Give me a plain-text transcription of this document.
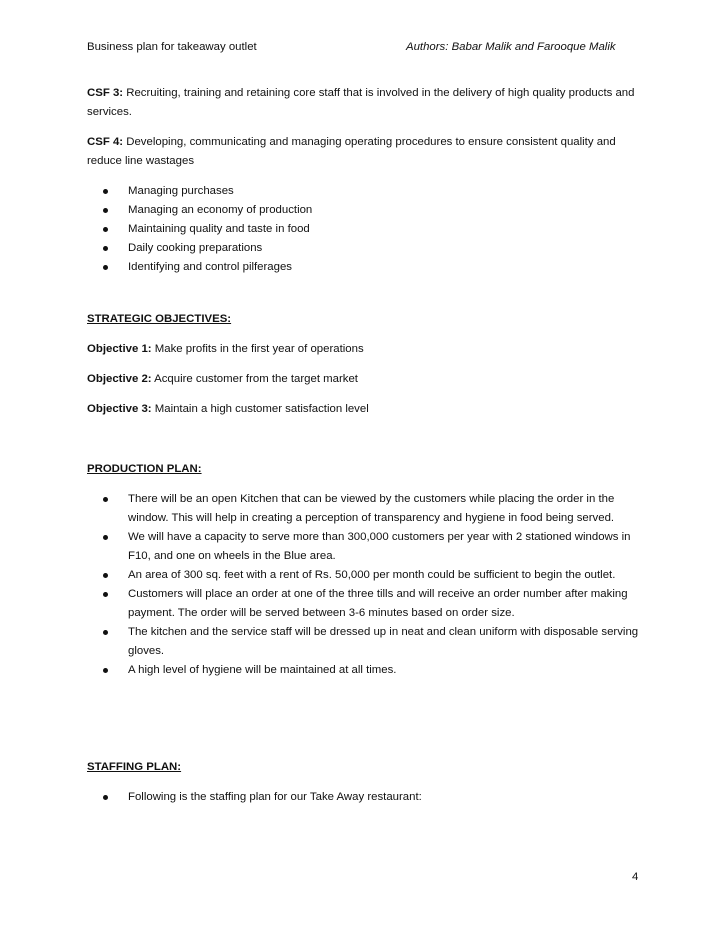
Business plan for takeaway outlet	Authors: Babar Malik and Farooque Malik

CSF 3: Recruiting, training and retaining core staff that is involved in the delivery of high quality products and services.

CSF 4: Developing, communicating and managing operating procedures to ensure consistent quality and reduce line wastages

Managing purchases
Managing an economy of production
Maintaining quality and taste in food
Daily cooking preparations
Identifying and control pilferages
STRATEGIC OBJECTIVES:

Objective 1: Make profits in the first year of operations

Objective 2: Acquire customer from the target market

Objective 3: Maintain a high customer satisfaction level

PRODUCTION PLAN:
There will be an open Kitchen that can be viewed by the customers while placing the order in the window. This will help in creating a perception of transparency and hygiene in food being served.
We will have a capacity to serve more than 300,000 customers per year with 2 stationed windows in F10, and one on wheels in the Blue area.
An area of 300 sq. feet with a rent of Rs. 50,000 per month could be sufficient to begin the outlet.
Customers will place an order at one of the three tills and will receive an order number after making payment. The order will be served between 3-6 minutes based on order size.
The kitchen and the service staff will be dressed up in neat and clean uniform with disposable serving gloves.
A high level of hygiene will be maintained at all times.
STAFFING PLAN:
Following is the staffing plan for our Take Away restaurant:
4
